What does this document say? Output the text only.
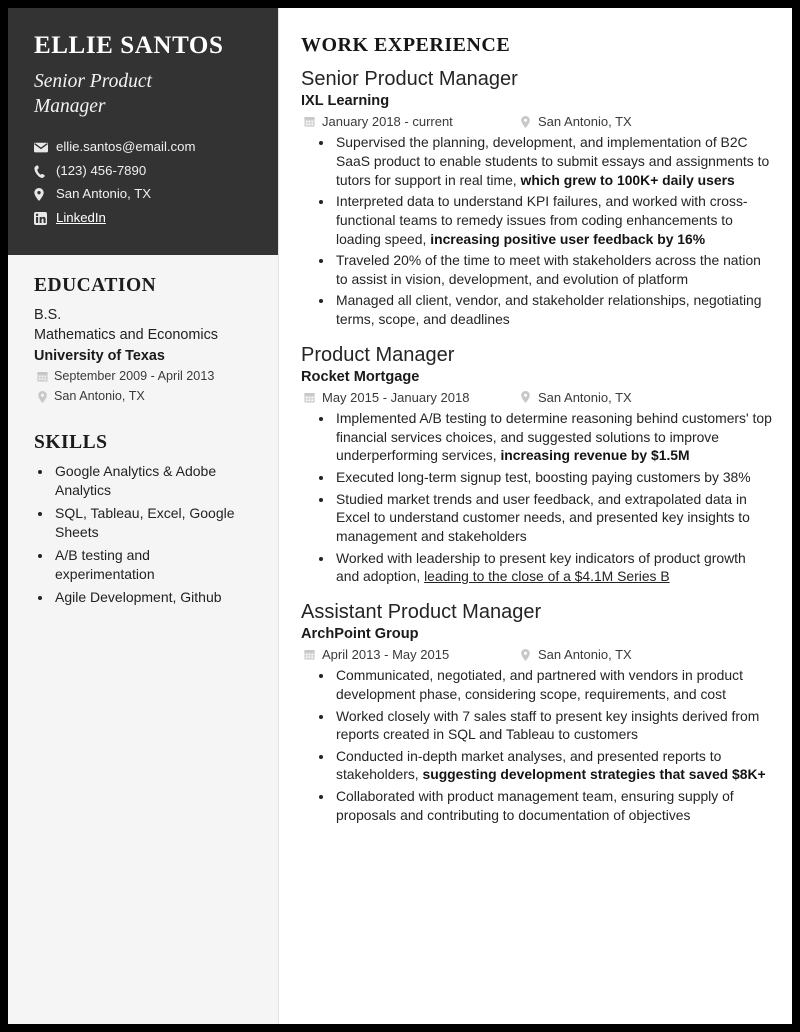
ELLIE SANTOS
Senior Product
Manager
ellie.santos@email.com
(123) 456-7890
San Antonio, TX
LinkedIn
EDUCATION
B.S.
Mathematics and Economics
University of Texas
September 2009 - April 2013
San Antonio, TX
SKILLS
• Google Analytics & Adobe Analytics
• SQL, Tableau, Excel, Google Sheets
• A/B testing and experimentation
• Agile Development, Github
WORK EXPERIENCE
Senior Product Manager
IXL Learning
January 2018 - current	San Antonio, TX
• Supervised the planning, development, and implementation of B2C SaaS product to enable students to submit essays and assignments to tutors for support in real time, which grew to 100K+ daily users
• Interpreted data to understand KPI failures, and worked with cross-functional teams to remedy issues from coding enhancements to loading speed, increasing positive user feedback by 16%
• Traveled 20% of the time to meet with stakeholders across the nation to assist in vision, development, and evolution of platform
• Managed all client, vendor, and stakeholder relationships, negotiating terms, scope, and deadlines
Product Manager
Rocket Mortgage
May 2015 - January 2018	San Antonio, TX
• Implemented A/B testing to determine reasoning behind customers' top financial services choices, and suggested solutions to improve underperforming services, increasing revenue by $1.5M
• Executed long-term signup test, boosting paying customers by 38%
• Studied market trends and user feedback, and extrapolated data in Excel to understand customer needs, and presented key insights to management and stakeholders
• Worked with leadership to present key indicators of product growth and adoption, leading to the close of a $4.1M Series B
Assistant Product Manager
ArchPoint Group
April 2013 - May 2015	San Antonio, TX
• Communicated, negotiated, and partnered with vendors in product development phase, considering scope, requirements, and cost
• Worked closely with 7 sales staff to present key insights derived from reports created in SQL and Tableau to customers
• Conducted in-depth market analyses, and presented reports to stakeholders, suggesting development strategies that saved $8K+
• Collaborated with product management team, ensuring supply of proposals and contributing to documentation of objectives
